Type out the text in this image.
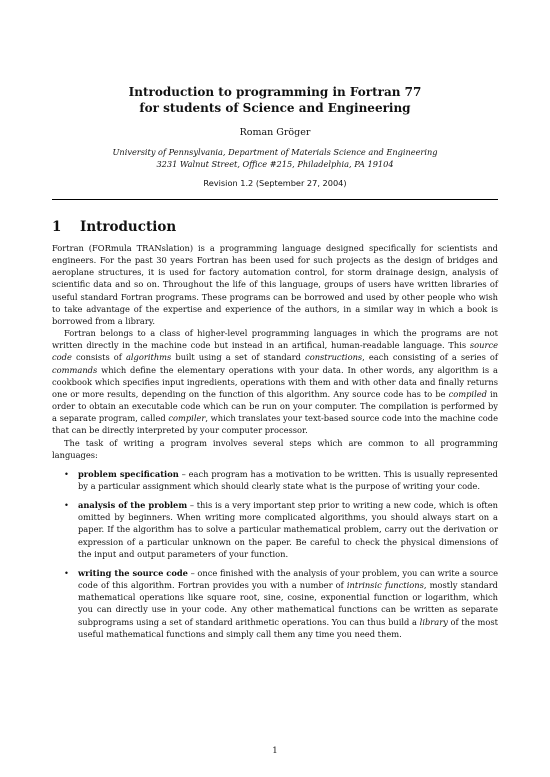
Introduction to programming in Fortran 77
for students of Science and Engineering
Roman Gröger
University of Pennsylvania, Department of Materials Science and Engineering
3231 Walnut Street, Office #215, Philadelphia, PA 19104
Revision 1.2 (September 27, 2004)
1 Introduction

Fortran (FORmula TRANslation) is a programming language designed specifically for scientists and engineers. For the past 30 years Fortran has been used for such projects as the design of bridges and aeroplane structures, it is used for factory automation control, for storm drainage design, analysis of scientific data and so on. Throughout the life of this language, groups of users have written libraries of useful standard Fortran programs. These programs can be borrowed and used by other people who wish to take advantage of the expertise and experience of the authors, in a similar way in which a book is borrowed from a library.

Fortran belongs to a class of higher-level programming languages in which the programs are not written directly in the machine code but instead in an artifical, human-readable language. This source code consists of algorithms built using a set of standard constructions, each consisting of a series of commands which define the elementary operations with your data. In other words, any algorithm is a cookbook which specifies input ingredients, operations with them and with other data and finally returns one or more results, depending on the function of this algorithm. Any source code has to be compiled in order to obtain an executable code which can be run on your computer. The compilation is performed by a separate program, called compiler, which translates your text-based source code into the machine code that can be directly interpreted by your computer processor.

The task of writing a program involves several steps which are common to all programming languages:

• problem specification – each program has a motivation to be written. This is usually represented by a particular assignment which should clearly state what is the purpose of writing your code.
• analysis of the problem – this is a very important step prior to writing a new code, which is often omitted by beginners. When writing more complicated algorithms, you should always start on a paper. If the algorithm has to solve a particular mathematical problem, carry out the derivation or expression of a particular unknown on the paper. Be careful to check the physical dimensions of the input and output parameters of your function.
• writing the source code – once finished with the analysis of your problem, you can write a source code of this algorithm. Fortran provides you with a number of intrinsic functions, mostly standard mathematical operations like square root, sine, cosine, exponential function or logarithm, which you can directly use in your code. Any other mathematical functions can be written as separate subprograms using a set of standard arithmetic operations. You can thus build a library of the most useful mathematical functions and simply call them any time you need them.
1
